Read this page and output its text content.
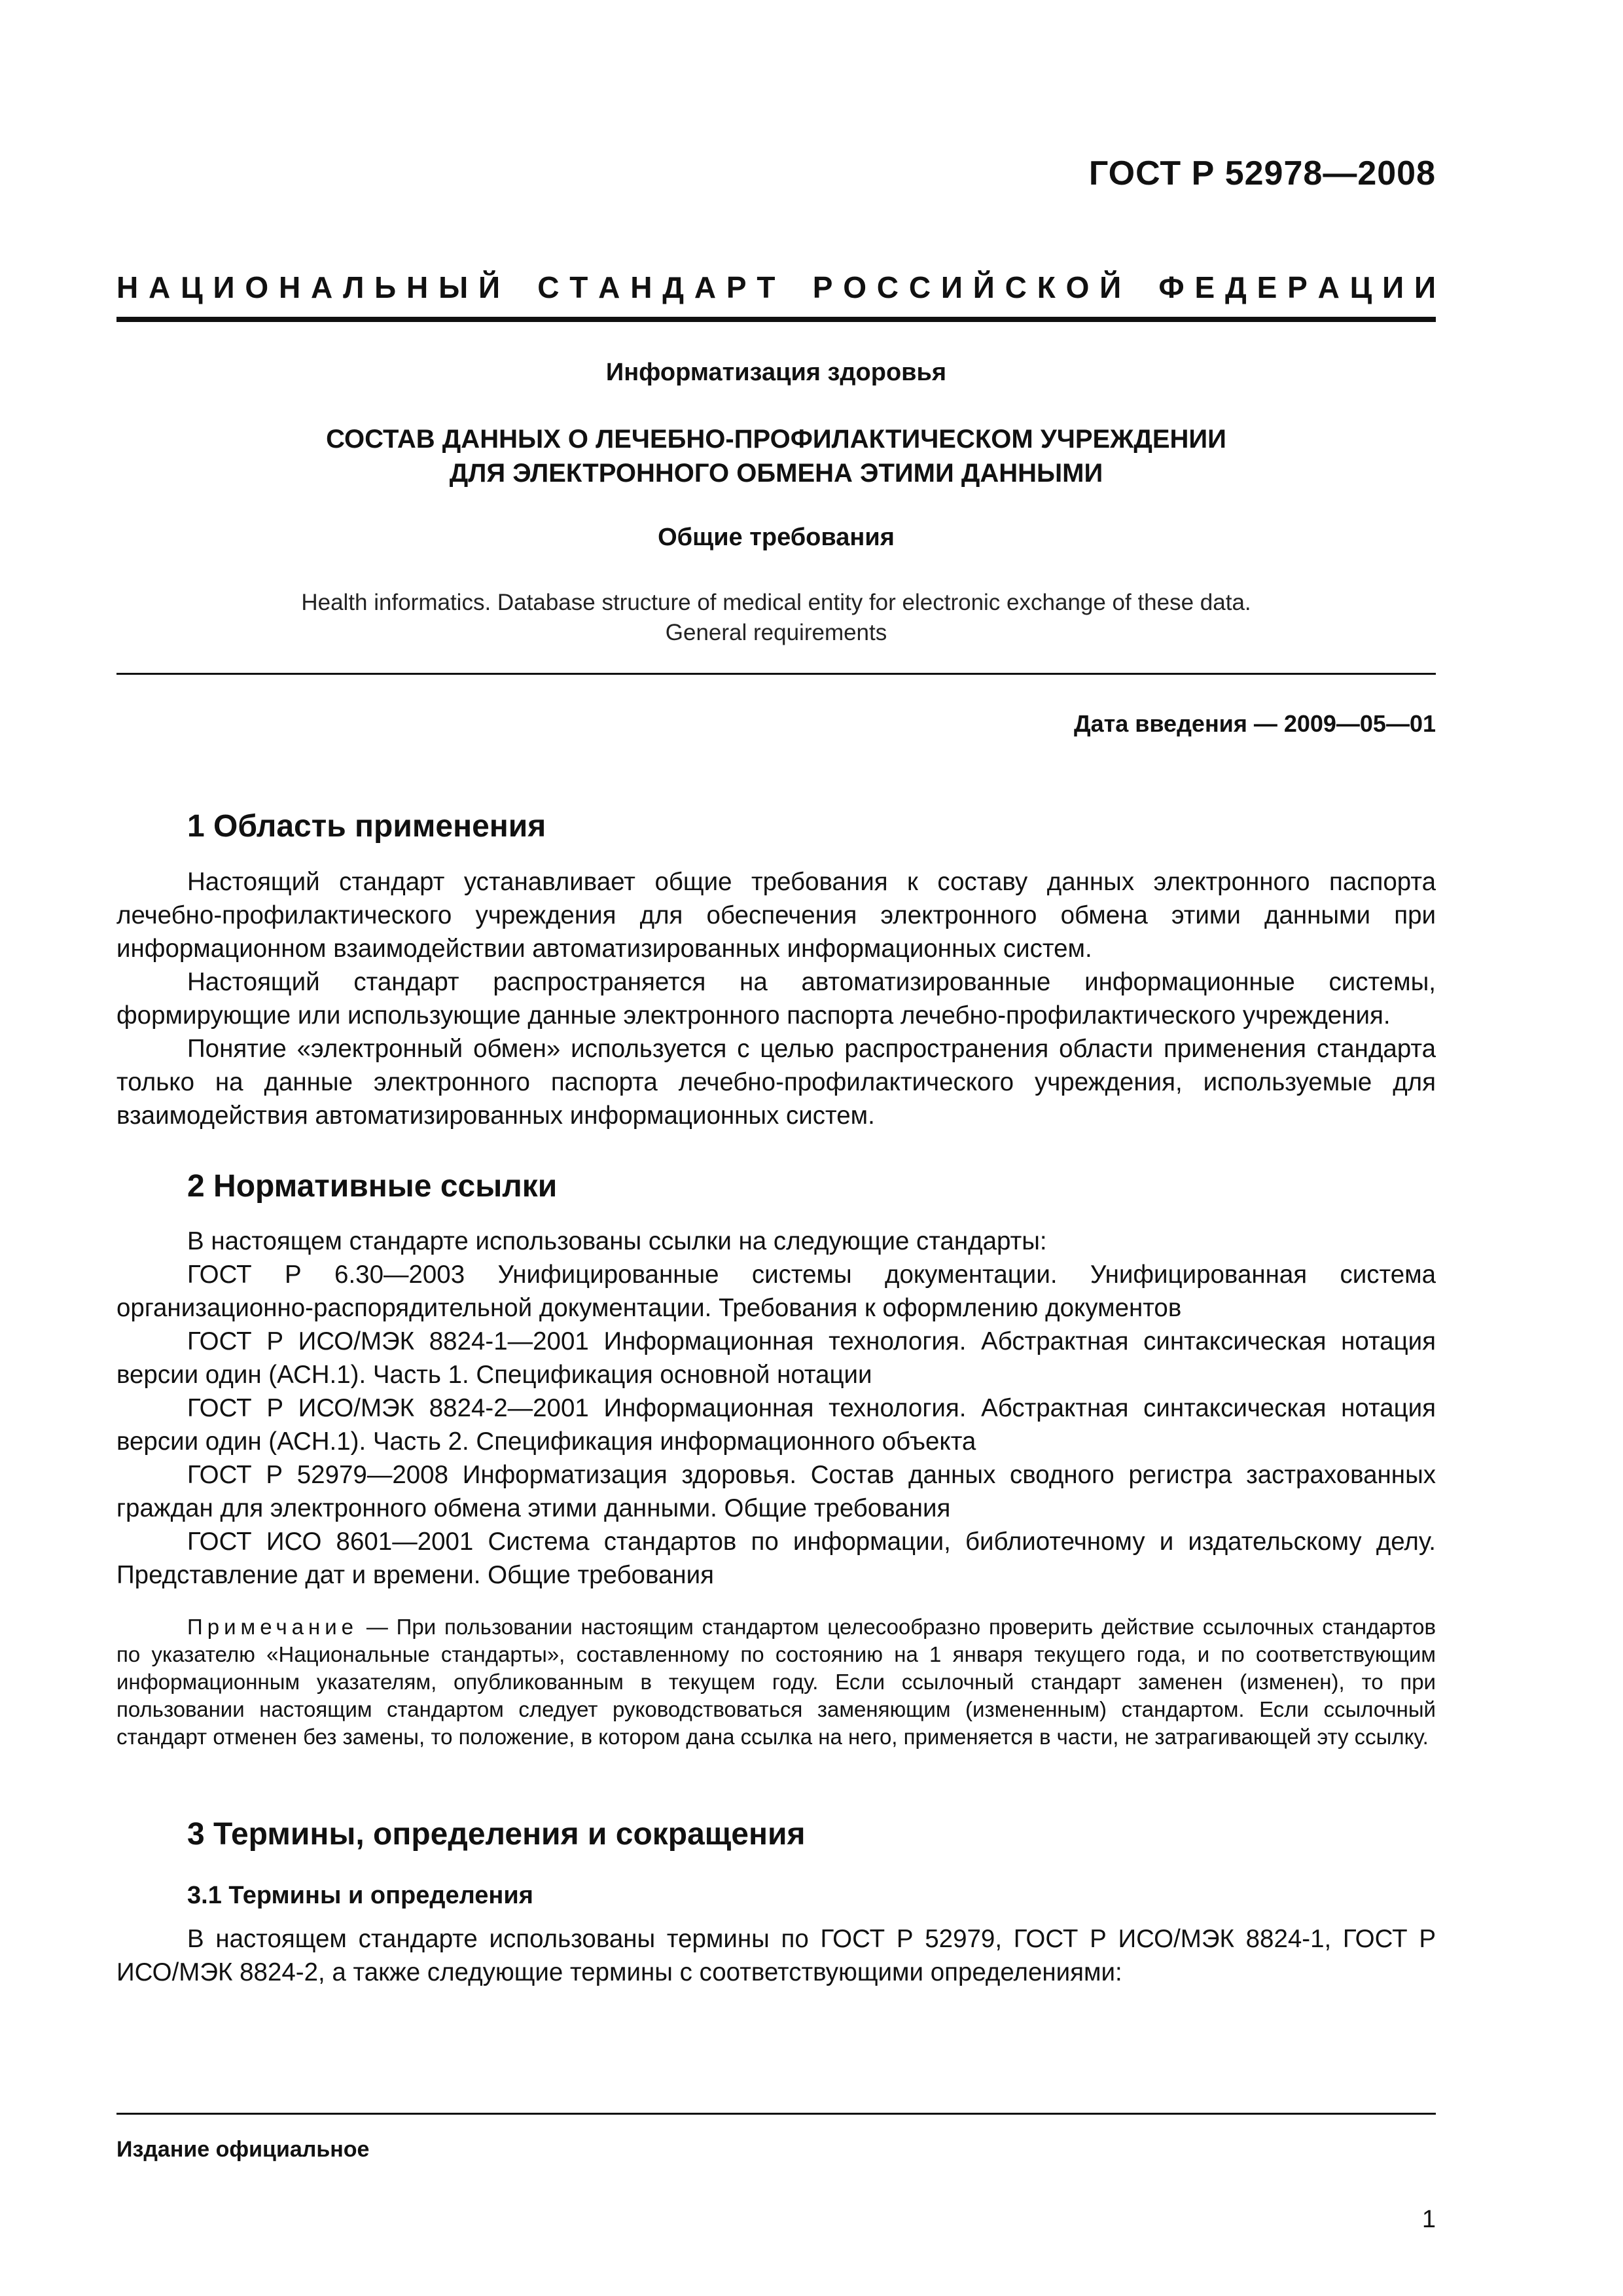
ГОСТ Р 52978—2008
Н А Ц И О Н А Л Ь Н Ы Й
С Т А Н Д А Р Т
Р О С С И Й С К О Й
Ф Е Д Е Р А Ц И И
Информатизация здоровья
СОСТАВ ДАННЫХ О ЛЕЧЕБНО-ПРОФИЛАКТИЧЕСКОМ УЧРЕЖДЕНИИ
ДЛЯ ЭЛЕКТРОННОГО ОБМЕНА ЭТИМИ ДАННЫМИ
Общие требования
Health informatics. Database structure of medical entity for electronic exchange of these data.
General requirements
Дата введения — 2009—05—01
1 Область применения

Настоящий стандарт устанавливает общие требования к составу данных электронного паспорта лечебно-профилактического учреждения для обеспечения электронного обмена этими данными при информационном взаимодействии автоматизированных информационных систем.

Настоящий стандарт распространяется на автоматизированные информационные системы, формирующие или использующие данные электронного паспорта лечебно-профилактического учреждения.

Понятие «электронный обмен» используется с целью распространения области применения стандарта только на данные электронного паспорта лечебно-профилактического учреждения, используемые для взаимодействия автоматизированных информационных систем.

2 Нормативные ссылки

В настоящем стандарте использованы ссылки на следующие стандарты:

ГОСТ Р 6.30—2003 Унифицированные системы документации. Унифицированная система организационно-распорядительной документации. Требования к оформлению документов

ГОСТ Р ИСО/МЭК 8824-1—2001 Информационная технология. Абстрактная синтаксическая нотация версии один (АСН.1). Часть 1. Спецификация основной нотации

ГОСТ Р ИСО/МЭК 8824-2—2001 Информационная технология. Абстрактная синтаксическая нотация версии один (АСН.1). Часть 2. Спецификация информационного объекта

ГОСТ Р 52979—2008 Информатизация здоровья. Состав данных сводного регистра застрахованных граждан для электронного обмена этими данными. Общие требования

ГОСТ ИСО 8601—2001 Система стандартов по информации, библиотечному и издательскому делу. Представление дат и времени. Общие требования

Примечание — При пользовании настоящим стандартом целесообразно проверить действие ссылочных стандартов по указателю «Национальные стандарты», составленному по состоянию на 1 января текущего года, и по соответствующим информационным указателям, опубликованным в текущем году. Если ссылочный стандарт заменен (изменен), то при пользовании настоящим стандартом следует руководствоваться заменяющим (измененным) стандартом. Если ссылочный стандарт отменен без замены, то положение, в котором дана ссылка на него, применяется в части, не затрагивающей эту ссылку.

3 Термины, определения и сокращения
3.1 Термины и определения

В настоящем стандарте использованы термины по ГОСТ Р 52979, ГОСТ Р ИСО/МЭК 8824-1, ГОСТ Р ИСО/МЭК 8824-2, а также следующие термины с соответствующими определениями:

Издание официальное
1
